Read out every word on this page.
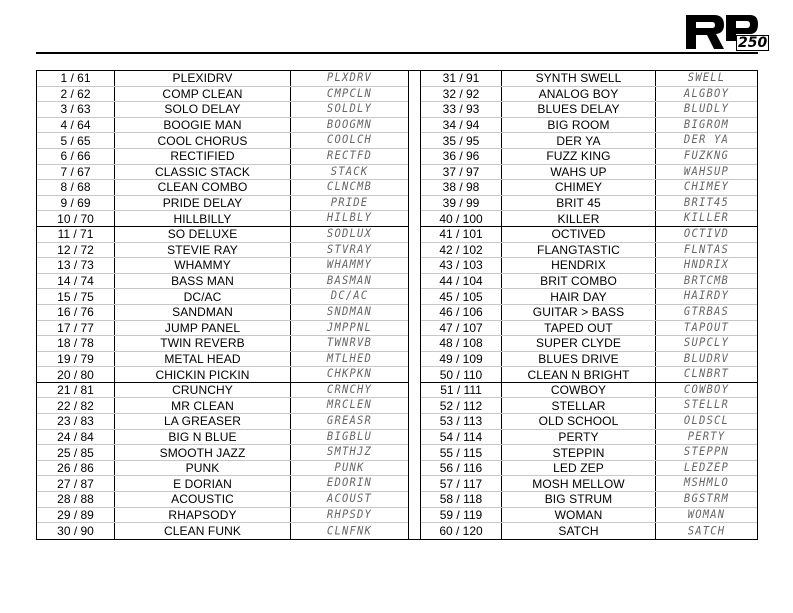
250
1 / 61	PLEXIDRV	PLXDRV
2 / 62	COMP CLEAN	CMPCLN
3 / 63	SOLO DELAY	SOLDLY
4 / 64	BOOGIE MAN	BOOGMN
5 / 65	COOL CHORUS	COOLCH
6 / 66	RECTIFIED	RECTFD
7 / 67	CLASSIC STACK	STACK
8 / 68	CLEAN COMBO	CLNCMB
9 / 69	PRIDE DELAY	PRIDE
10 / 70	HILLBILLY	HILBLY
11 / 71	SO DELUXE	SODLUX
12 / 72	STEVIE RAY	STVRAY
13 / 73	WHAMMY	WHAMMY
14 / 74	BASS MAN	BASMAN
15 / 75	DC/AC	DC/AC
16 / 76	SANDMAN	SNDMAN
17 / 77	JUMP PANEL	JMPPNL
18 / 78	TWIN REVERB	TWNRVB
19 / 79	METAL HEAD	MTLHED
20 / 80	CHICKIN PICKIN	CHKPKN
21 / 81	CRUNCHY	CRNCHY
22 / 82	MR CLEAN	MRCLEN
23 / 83	LA GREASER	GREASR
24 / 84	BIG N BLUE	BIGBLU
25 / 85	SMOOTH JAZZ	SMTHJZ
26 / 86	PUNK	PUNK
27 / 87	E DORIAN	EDORIN
28 / 88	ACOUSTIC	ACOUST
29 / 89	RHAPSODY	RHPSDY
30 / 90	CLEAN FUNK	CLNFNK
31 / 91	SYNTH SWELL	SWELL
32 / 92	ANALOG BOY	ALGBOY
33 / 93	BLUES DELAY	BLUDLY
34 / 94	BIG ROOM	BIGROM
35 / 95	DER YA	DER YA
36 / 96	FUZZ KING	FUZKNG
37 / 97	WAHS UP	WAHSUP
38 / 98	CHIMEY	CHIMEY
39 / 99	BRIT 45	BRIT45
40 / 100	KILLER	KILLER
41 / 101	OCTIVED	OCTIVD
42 / 102	FLANGTASTIC	FLNTAS
43 / 103	HENDRIX	HNDRIX
44 / 104	BRIT COMBO	BRTCMB
45 / 105	HAIR DAY	HAIRDY
46 / 106	GUITAR > BASS	GTRBAS
47 / 107	TAPED OUT	TAPOUT
48 / 108	SUPER CLYDE	SUPCLY
49 / 109	BLUES DRIVE	BLUDRV
50 / 110	CLEAN N BRIGHT	CLNBRT
51 / 111	COWBOY	COWBOY
52 / 112	STELLAR	STELLR
53 / 113	OLD SCHOOL	OLDSCL
54 / 114	PERTY	PERTY
55 / 115	STEPPIN	STEPPN
56 / 116	LED ZEP	LEDZEP
57 / 117	MOSH MELLOW	MSHMLO
58 / 118	BIG STRUM	BGSTRM
59 / 119	WOMAN	WOMAN
60 / 120	SATCH	SATCH
